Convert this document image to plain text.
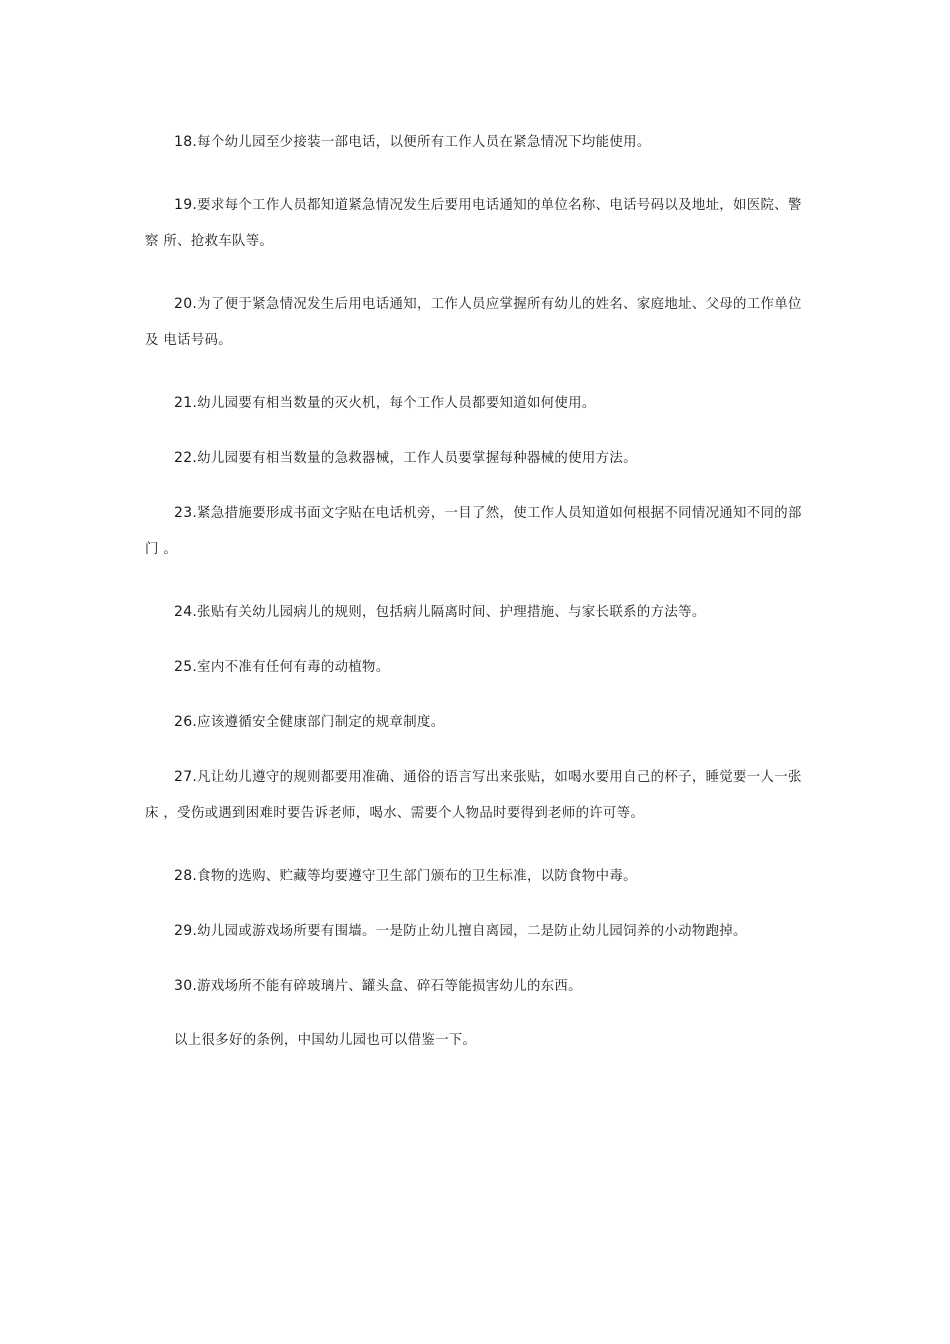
18.每个幼儿园至少接装一部电话，以便所有工作人员在紧急情况下均能使用。

19.要求每个工作人员都知道紧急情况发生后要用电话通知的单位名称、电话号码以及地址，如医院、警察 所、抢救车队等。

20.为了便于紧急情况发生后用电话通知，工作人员应掌握所有幼儿的姓名、家庭地址、父母的工作单位及 电话号码。

21.幼儿园要有相当数量的灭火机，每个工作人员都要知道如何使用。

22.幼儿园要有相当数量的急救器械，工作人员要掌握每种器械的使用方法。

23.紧急措施要形成书面文字贴在电话机旁，一目了然，使工作人员知道如何根据不同情况通知不同的部门 。

24.张贴有关幼儿园病儿的规则，包括病儿隔离时间、护理措施、与家长联系的方法等。

25.室内不准有任何有毒的动植物。

26.应该遵循安全健康部门制定的规章制度。

27.凡让幼儿遵守的规则都要用准确、通俗的语言写出来张贴，如喝水要用自己的杯子，睡觉要一人一张床 ，受伤或遇到困难时要告诉老师，喝水、需要个人物品时要得到老师的许可等。

28.食物的选购、贮藏等均要遵守卫生部门颁布的卫生标准，以防食物中毒。

29.幼儿园或游戏场所要有围墙。一是防止幼儿擅自离园，二是防止幼儿园饲养的小动物跑掉。

30.游戏场所不能有碎玻璃片、罐头盒、碎石等能损害幼儿的东西。

以上很多好的条例，中国幼儿园也可以借鉴一下。
